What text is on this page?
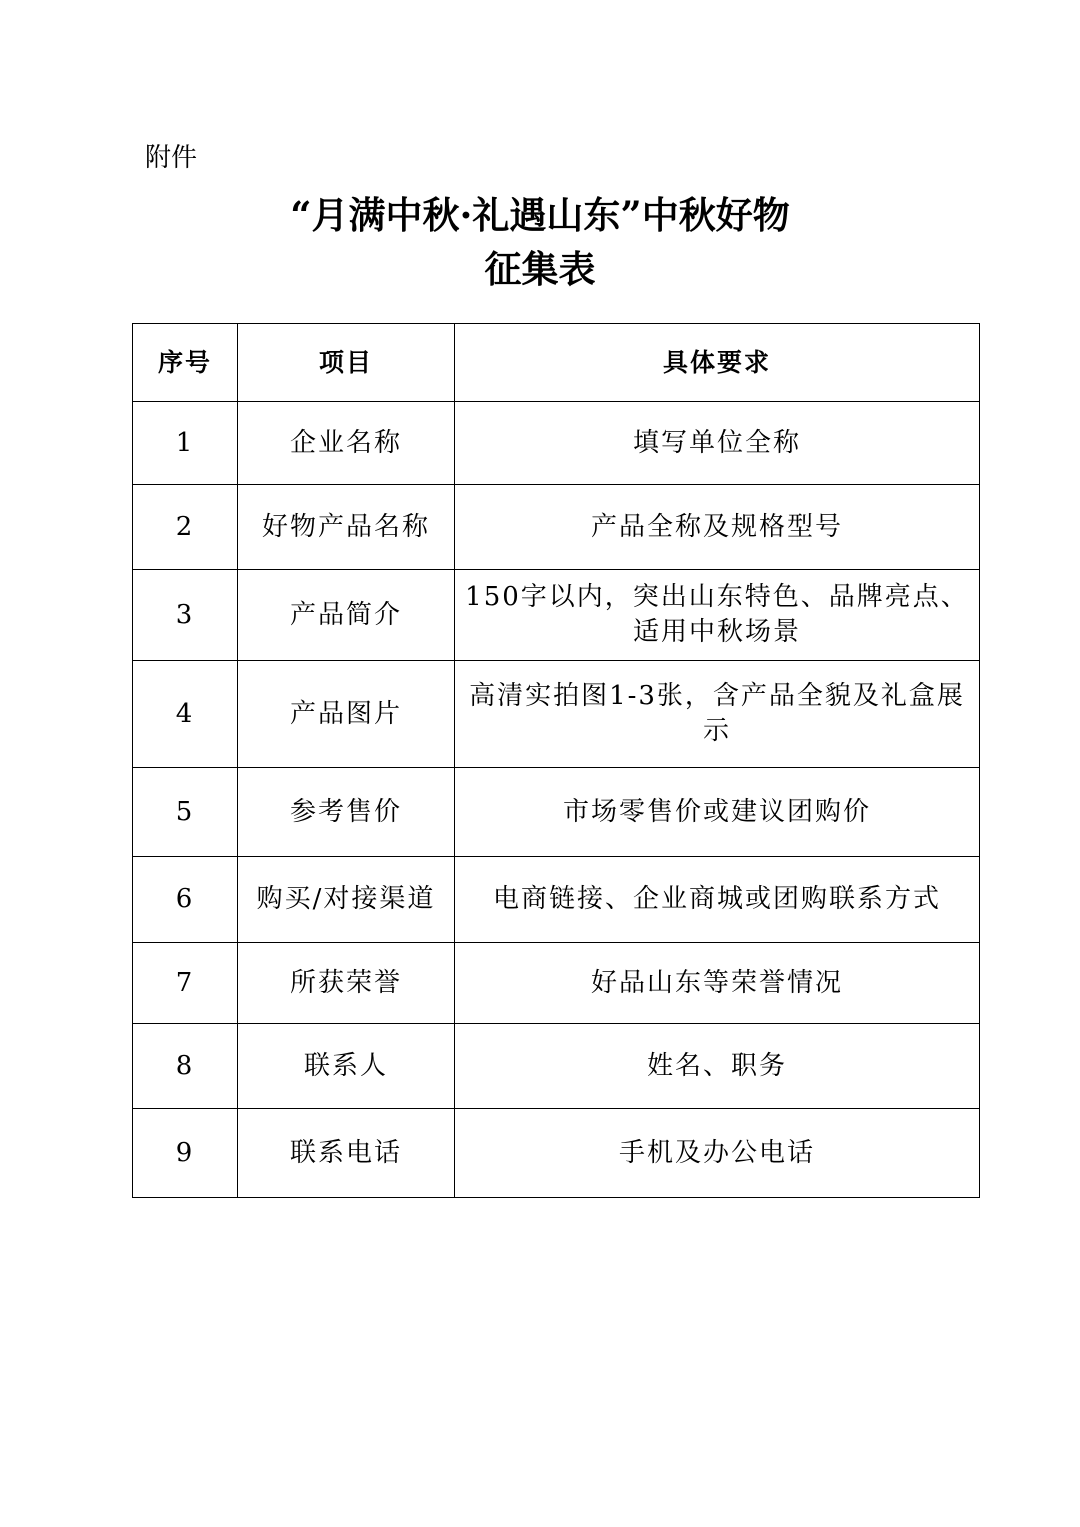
附件
“月满中秋·礼遇山东”中秋好物
征集表
序号	项目	具体要求
1	企业名称	填写单位全称
2	好物产品名称	产品全称及规格型号
3	产品简介	150字以内，突出山东特色、品牌亮点、适用中秋场景
4	产品图片	高清实拍图1-3张，含产品全貌及礼盒展示
5	参考售价	市场零售价或建议团购价
6	购买/对接渠道	电商链接、企业商城或团购联系方式
7	所获荣誉	好品山东等荣誉情况
8	联系人	姓名、职务
9	联系电话	手机及办公电话
